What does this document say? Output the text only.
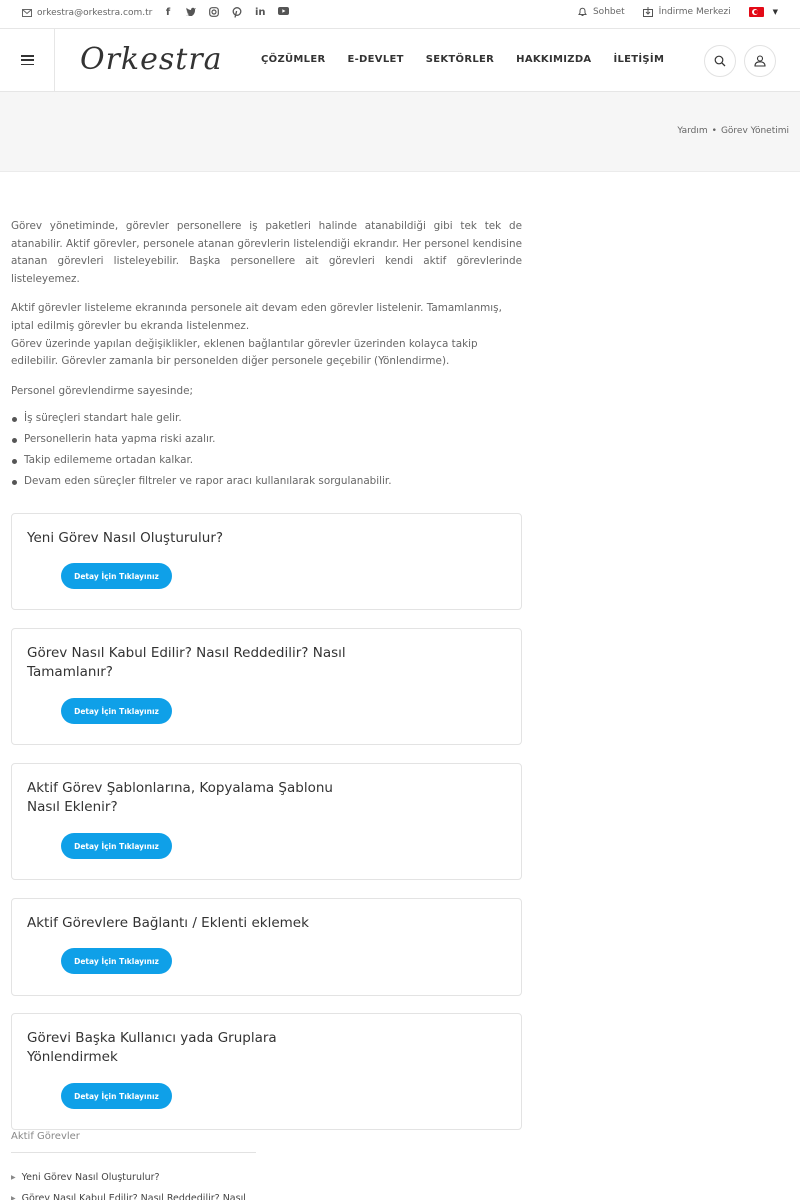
orkestra@orkestra.com.tr f	in	Sohbet	İndirme Merkezi	▼
Orkestra	ÇÖZÜMLER E-DEVLET SEKTÖRLER HAKKIMIZDA İLETİŞİM
Yardım • Görev Yönetimi

Görev yönetiminde, görevler personellere iş paketleri halinde atanabildiği gibi tek tek de atanabilir. Aktif görevler, personele atanan görevlerin listelendiği ekrandır. Her personel kendisine atanan görevleri listeleyebilir. Başka personellere ait görevleri kendi aktif görevlerinde listeleyemez.

Aktif görevler listeleme ekranında personele ait devam eden görevler listelenir. Tamamlanmış, iptal edilmiş görevler bu ekranda listelenmez.
Görev üzerinde yapılan değişiklikler, eklenen bağlantılar görevler üzerinden kolayca takip edilebilir. Görevler zamanla bir personelden diğer personele geçebilir (Yönlendirme).

Personel görevlendirme sayesinde;

İş süreçleri standart hale gelir.
Personellerin hata yapma riski azalır.
Takip edilememe ortadan kalkar.
Devam eden süreçler filtreler ve rapor aracı kullanılarak sorgulanabilir.
Yeni Görev Nasıl Oluşturulur?
Detay İçin Tıklayınız
Görev Nasıl Kabul Edilir? Nasıl Reddedilir? Nasıl Tamamlanır?
Detay İçin Tıklayınız
Aktif Görev Şablonlarına, Kopyalama Şablonu Nasıl Eklenir?
Detay İçin Tıklayınız
Aktif Görevlere Bağlantı / Eklenti eklemek
Detay İçin Tıklayınız
Görevi Başka Kullanıcı yada Gruplara Yönlendirmek
Detay İçin Tıklayınız
Aktif Görevler
▶ Yeni Görev Nasıl Oluşturulur?
▶ Görev Nasıl Kabul Edilir? Nasıl Reddedilir? Nasıl
